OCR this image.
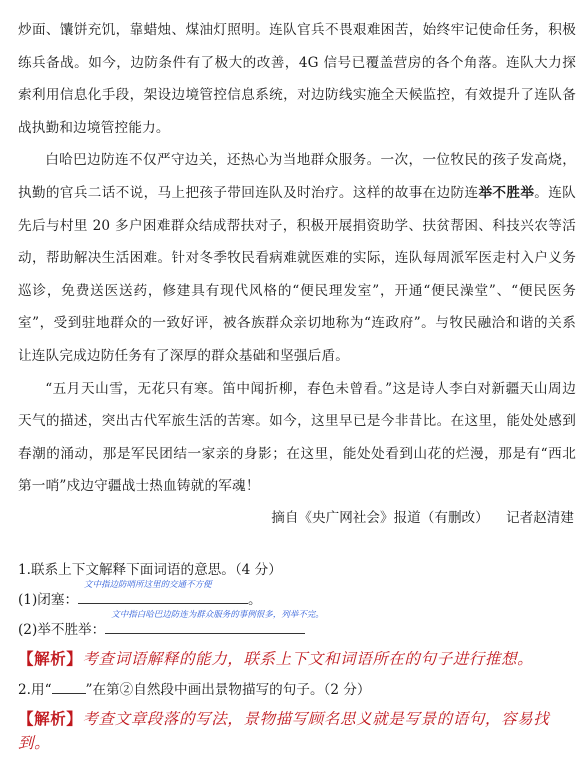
炒面、馕饼充饥，靠蜡烛、煤油灯照明。连队官兵不畏艰难困苦，始终牢记使命任务，积极练兵备战。如今，边防条件有了极大的改善，4G 信号已覆盖营房的各个角落。连队大力探索利用信息化手段，架设边境管控信息系统，对边防线实施全天候监控，有效提升了连队备战执勤和边境管控能力。

白哈巴边防连不仅严守边关，还热心为当地群众服务。一次，一位牧民的孩子发高烧，执勤的官兵二话不说，马上把孩子带回连队及时治疗。这样的故事在边防连举不胜举。连队先后与村里 20 多户困难群众结成帮扶对子，积极开展捐资助学、扶贫帮困、科技兴农等活动，帮助解决生活困难。针对冬季牧民看病难就医难的实际，连队每周派军医走村入户义务巡诊，免费送医送药，修建具有现代风格的“便民理发室”，开通“便民澡堂”、“便民医务室”，受到驻地群众的一致好评，被各族群众亲切地称为“连政府”。与牧民融洽和谐的关系让连队完成边防任务有了深厚的群众基础和坚强后盾。

“五月天山雪，无花只有寒。笛中闻折柳，春色未曾看。”这是诗人李白对新疆天山周边天气的描述，突出古代军旅生活的苦寒。如今，这里早已是今非昔比。在这里，能处处感到春潮的涌动，那是军民团结一家亲的身影；在这里，能处处看到山花的烂漫，那是有“西北第一哨”戍边守疆战士热血铸就的军魂！

摘自《央广网社会》报道（有删改）    记者赵清建

1.联系上下文解释下面词语的意思。（4 分）

(1)闭塞：
文中指边防哨所这里的交通不方便
。

(2)举不胜举：
文中指白哈巴边防连为群众服务的事例很多，列举不完。

【解析】考查词语解释的能力，联系上下文和词语所在的句子进行推想。

2.用“	”在第②自然段中画出景物描写的句子。（2 分）

【解析】考查文章段落的写法，景物描写顾名思义就是写景的语句，容易找到。
